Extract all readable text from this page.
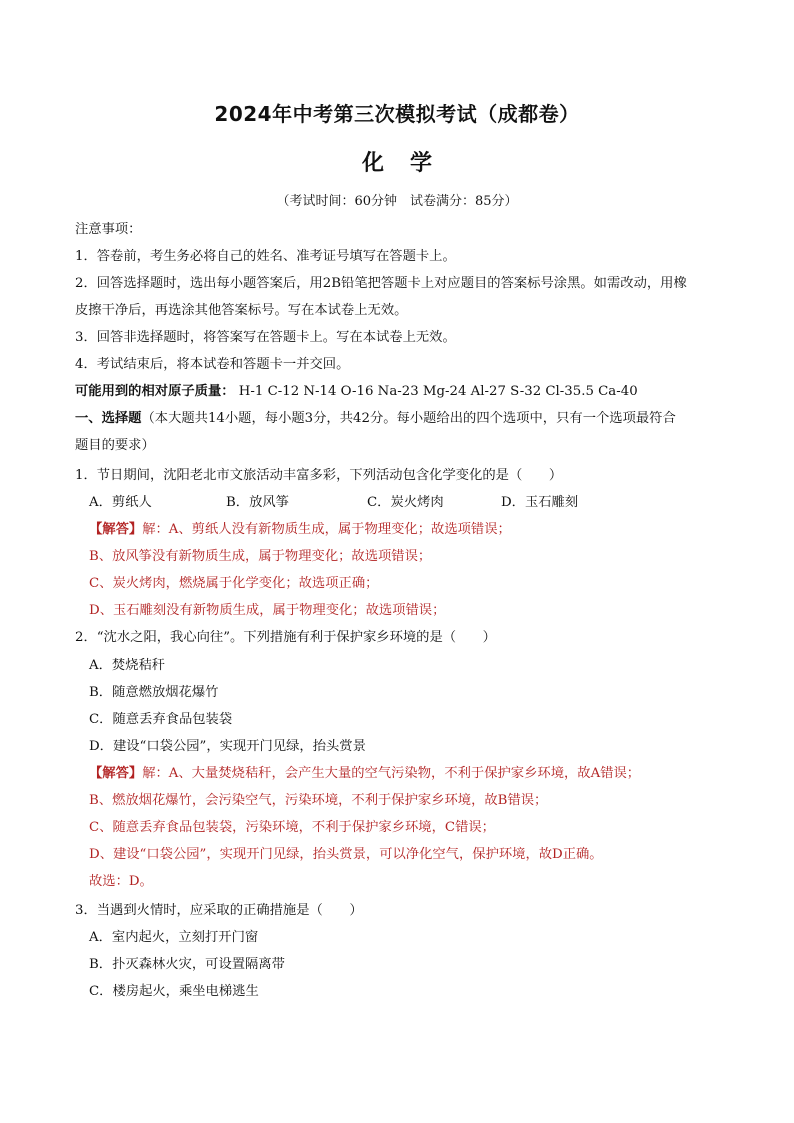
2024年中考第三次模拟考试（成都卷）
化学
（考试时间：60分钟　试卷满分：85分）
注意事项：
1．答卷前，考生务必将自己的姓名、准考证号填写在答题卡上。
2．回答选择题时，选出每小题答案后，用2B铅笔把答题卡上对应题目的答案标号涂黑。如需改动，用橡
皮擦干净后，再选涂其他答案标号。写在本试卷上无效。
3．回答非选择题时，将答案写在答题卡上。写在本试卷上无效。
4．考试结束后，将本试卷和答题卡一并交回。
可能用到的相对原子质量： H-1 C-12 N-14 O-16 Na-23 Mg-24 Al-27 S-32 Cl-35.5 Ca-40
一、选择题（本大题共14小题，每小题3分，共42分。每小题给出的四个选项中，只有一个选项最符合
题目的要求）
1．节日期间，沈阳老北市文旅活动丰富多彩，下列活动包含化学变化的是（　　）
A．剪纸人	B．放风筝	C．炭火烤肉	D．玉石雕刻
【解答】解：A、剪纸人没有新物质生成，属于物理变化；故选项错误；
B、放风筝没有新物质生成，属于物理变化；故选项错误；
C、炭火烤肉，燃烧属于化学变化；故选项正确；
D、玉石雕刻没有新物质生成，属于物理变化；故选项错误；
2．“沈水之阳，我心向往”。下列措施有利于保护家乡环境的是（　　）
A．焚烧秸秆
B．随意燃放烟花爆竹
C．随意丢弃食品包装袋
D．建设“口袋公园”，实现开门见绿，抬头赏景
【解答】解：A、大量焚烧秸秆，会产生大量的空气污染物，不利于保护家乡环境，故A错误；
B、燃放烟花爆竹，会污染空气，污染环境，不利于保护家乡环境，故B错误；
C、随意丢弃食品包装袋，污染环境，不利于保护家乡环境，C错误；
D、建设“口袋公园”，实现开门见绿，抬头赏景，可以净化空气，保护环境，故D正确。
故选：D。
3．当遇到火情时，应采取的正确措施是（　　）
A．室内起火，立刻打开门窗
B．扑灭森林火灾，可设置隔离带
C．楼房起火，乘坐电梯逃生
